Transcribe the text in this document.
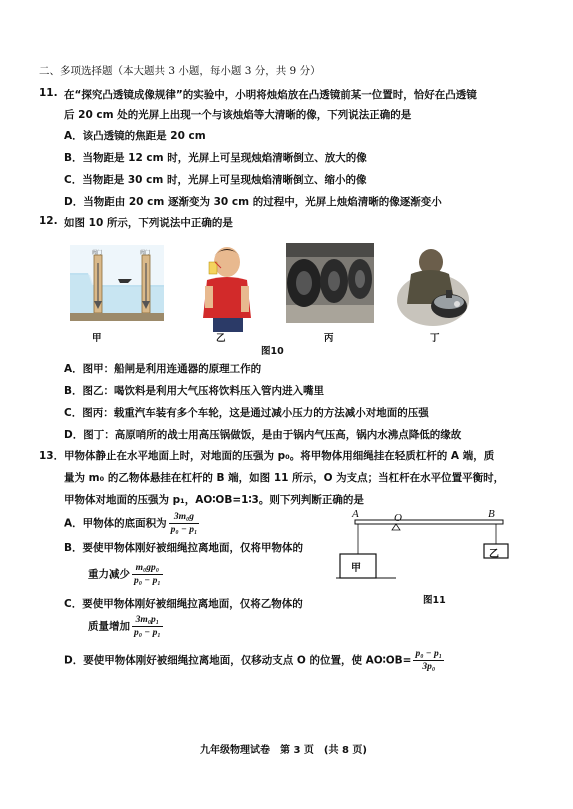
二、多项选择题（本大题共 3 小题，每小题 3 分，共 9 分）
11. 在“探究凸透镜成像规律”的实验中，小明将烛焰放在凸透镜前某一位置时，恰好在凸透镜
后 20 cm 处的光屏上出现一个与该烛焰等大清晰的像，下列说法正确的是
A．该凸透镜的焦距是 20 cm
B．当物距是 12 cm 时，光屏上可呈现烛焰清晰倒立、放大的像
C．当物距是 30 cm 时，光屏上可呈现烛焰清晰倒立、缩小的像
D．当物距由 20 cm 逐渐变为 30 cm 的过程中，光屏上烛焰清晰的像逐渐变小
12. 如图 10 所示，下列说法中正确的是
阀门	阀门
甲	乙	丙	丁
图10
A．图甲：船闸是利用连通器的原理工作的
B．图乙：喝饮料是利用大气压将饮料压入管内进入嘴里
C．图丙：载重汽车装有多个车轮，这是通过减小压力的方法减小对地面的压强
D．图丁：高原哨所的战士用高压锅做饭，是由于锅内气压高，锅内水沸点降低的缘故
13． 甲物体静止在水平地面上时，对地面的压强为 p₀。将甲物体用细绳挂在轻质杠杆的 A 端，质
量为 m₀ 的乙物体悬挂在杠杆的 B 端，如图 11 所示，O 为支点；当杠杆在水平位置平衡时，
甲物体对地面的压强为 p₁，AO∶OB=1∶3。则下列判断正确的是
A．甲物体的底面积为 $\frac{\text{3m₀g}}{\text{p₀ − p₁}}$
B．要使甲物体刚好被细绳拉离地面，仅将甲物体的
重力减少 $\frac{\text{m₀gp₀}}{\text{p₀ − p₁}}$
C．要使甲物体刚好被细绳拉离地面，仅将乙物体的
质量增加 $\frac{\text{3m₀p₁}}{\text{p₀ − p₁}}$
D．要使甲物体刚好被细绳拉离地面，仅移动支点 O 的位置，使 AO∶OB= $\frac{\text{p₀ − p₁}}{\text{3p₀}}$
A	O	B
甲
乙
图11
九年级物理试卷　第 3 页　(共 8 页)
